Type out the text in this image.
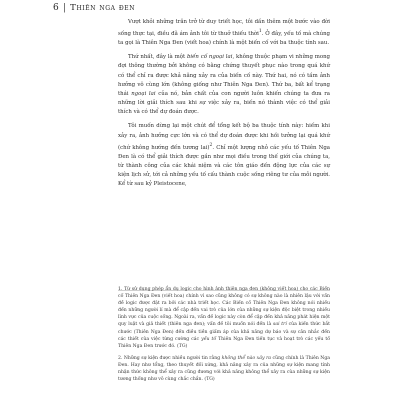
6 | Thiên nga đen

Vượt khỏi những trăn trở từ duy triết học, tôi dần thêm một bước vào đời sống thực tại, điều đã ám ảnh tôi từ thuở thiếu thời$^1$. Ở đây, yếu tố mà chúng ta gọi là Thiên Nga Đen (viết hoa) chính là một biến cố với ba thuộc tính sau.

Thứ nhất, đây là một biến cố ngoại lai, không thuộc phạm vi những mong đợi thông thường bởi không có bằng chứng thuyết phục nào trong quá khứ có thể chỉ ra được khả năng xảy ra của biến cố này. Thứ hai, nó có tầm ảnh hưởng vô cùng lớn (không giống như Thiên Nga Đen). Thứ ba, bất kể trạng thái ngoại lai của nó, bản chất của con người luôn khiến chúng ta đưa ra những lời giải thích sau khi sự việc xảy ra, biến nó thành việc có thể giải thích và có thể dự đoán được.

Tôi muốn dừng lại một chút để tổng kết bộ ba thuộc tính này: hiếm khi xảy ra, ảnh hưởng cực lớn và có thể dự đoán được khi hồi tưởng lại quá khứ (chứ không hướng đến tương lai)$^2$. Chỉ một lượng nhỏ các yếu tố Thiên Nga Đen là có thể giải thích được gần như mọi điều trong thế giới của chúng ta, từ thành công của các khái niệm và các tôn giáo đến động lực của các sự kiện lịch sử, tới cả những yếu tố cấu thành cuộc sống riêng tư của mỗi người. Kể từ sau kỷ Pleistocene,

1. Từ sử dụng phép ẩn dụ logic cho hình ảnh thiên nga đen (không viết hoa) cho các Biến cố Thiên Nga Đen (viết hoa) chính vì sao cũng không có sự không nào là nhiên lậu với vấn đề logic được đặt ra bởi các nhà triết học. Các Biến cố Thiên Nga Đen không nói nhiều đến những người lí mà để cập đến vai trò của lớn của những sự kiện độc biệt trong nhiều lĩnh vực của cuộc sống. Ngoài ra, vấn đề logic này còn để cập đến khả năng phát hiện một quy luật và giả thiết (thiên nga đen); vấn đề tôi muốn nói đến là sai trí của kiến thức bắt chước (Thiên Nga Đen) đến điều tiền giấm áp của khả năng dự báo và sự cân nhắc đến các thiết của việc từng cường các yếu tố Thiên Nga Đen tiến tục và hoạt trò các yếu tố Thiên Nga Đen trước đó. (TG)

2. Những sự kiện được nhiều người tin rằng không thể nào xảy ra cũng chính là Thiên Nga Đen. Hay như tổng, theo thuyết đối xứng, khả năng xảy ra của những sự kiện mang tính nhận thức không thể xảy ra cũng đương với khả năng không thể xảy ra của những sự kiện tương thống như vô cùng chắc chắn. (TG)
